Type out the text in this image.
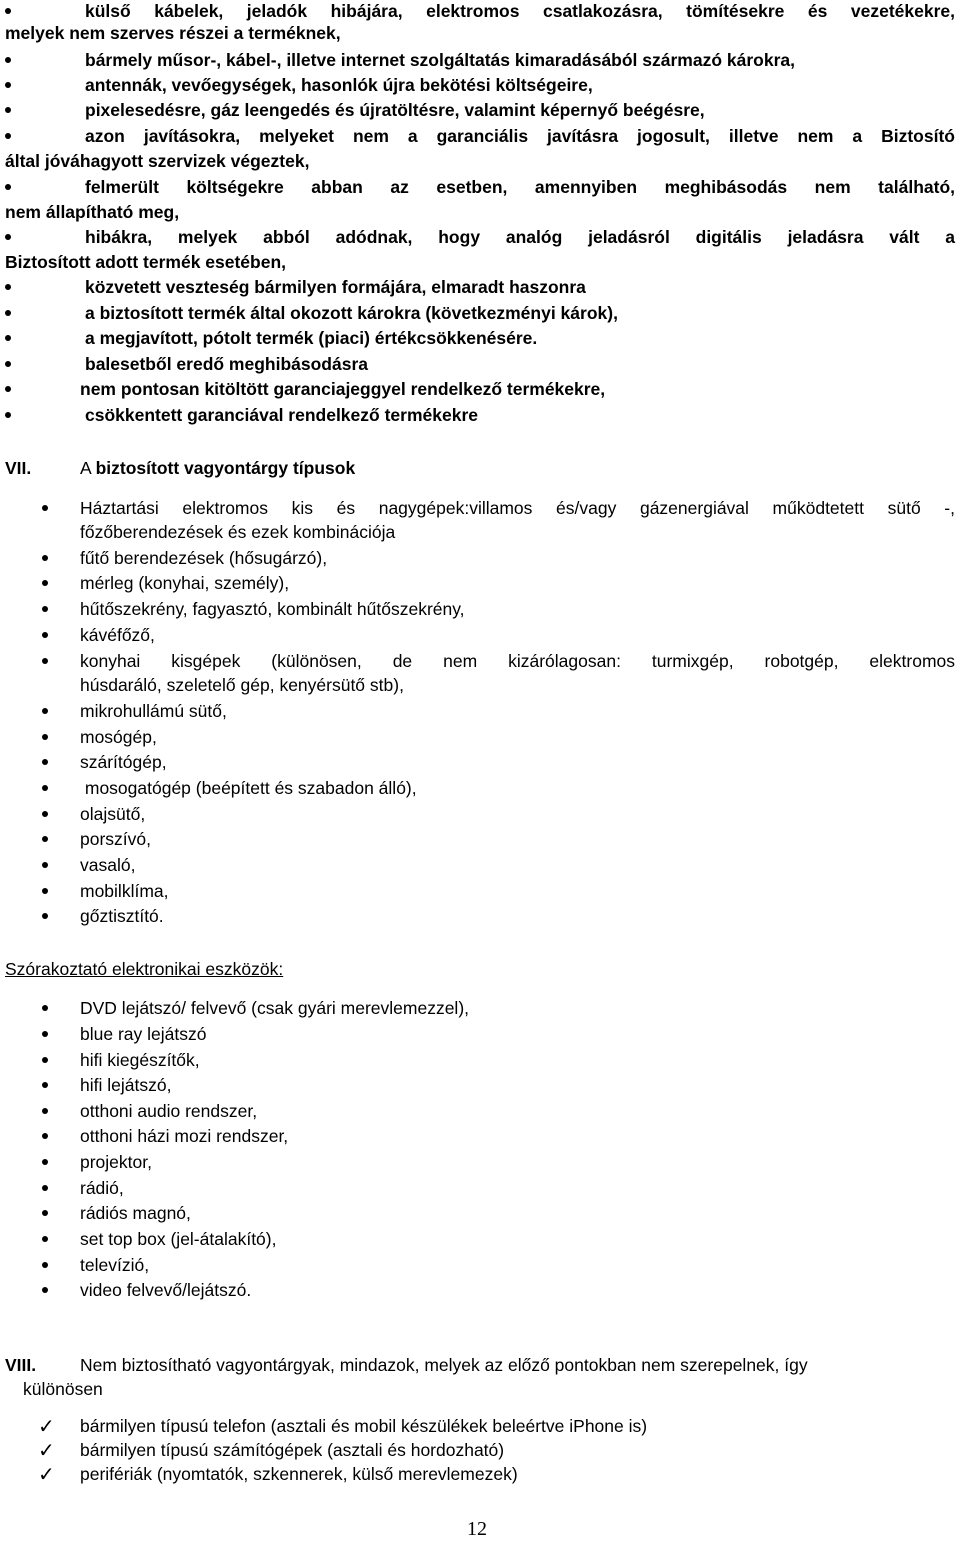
külső kábelek, jeladók hibájára, elektromos csatlakozásra, tömítésekre és vezetékekre,
melyek nem szerves részei a terméknek,
bármely műsor-, kábel-, illetve internet szolgáltatás kimaradásából származó károkra,
antennák, vevőegységek, hasonlók újra bekötési költségeire,
pixelesedésre, gáz leengedés és újratöltésre, valamint képernyő beégésre,
azon javításokra, melyeket nem a garanciális javításra jogosult, illetve nem a Biztosító
által jóváhagyott szervizek végeztek,
felmerült költségekre abban az esetben, amennyiben meghibásodás nem található,
nem állapítható meg,
hibákra, melyek abból adódnak, hogy analóg jeladásról digitális jeladásra vált a
Biztosított adott termék esetében,
közvetett veszteség bármilyen formájára, elmaradt haszonra
a biztosított termék által okozott károkra (következményi károk),
a megjavított, pótolt termék (piaci) értékcsökkenésére.
balesetből eredő meghibásodásra
nem pontosan kitöltött garanciajeggyel rendelkező termékekre,
csökkentett garanciával rendelkező termékekre
VII.	A biztosított vagyontárgy típusok
Háztartási elektromos kis és nagygépek:villamos és/vagy gázenergiával működtetett sütő -,
főzőberendezések és ezek kombinációja
fűtő berendezések (hősugárzó),
mérleg (konyhai, személy),
hűtőszekrény, fagyasztó, kombinált hűtőszekrény,
kávéfőző,
konyhai kisgépek (különösen, de nem kizárólagosan: turmixgép, robotgép, elektromos
húsdaráló, szeletelő gép, kenyérsütő stb),
mikrohullámú sütő,
mosógép,
szárítógép,
mosogatógép (beépített és szabadon álló),
olajsütő,
porszívó,
vasaló,
mobilklíma,
gőztisztító.
Szórakoztató elektronikai eszközök:
DVD lejátszó/ felvevő (csak gyári merevlemezzel),
blue ray lejátszó
hifi kiegészítők,
hifi lejátszó,
otthoni audio rendszer,
otthoni házi mozi rendszer,
projektor,
rádió,
rádiós magnó,
set top box (jel-átalakító),
televízió,
video felvevő/lejátszó.
VIII.	Nem biztosítható vagyontárgyak, mindazok, melyek az előző pontokban nem szerepelnek, így
különösen
✓ bármilyen típusú telefon (asztali és mobil készülékek beleértve iPhone is)
✓ bármilyen típusú számítógépek (asztali és hordozható)
✓ perifériák (nyomtatók, szkennerek, külső merevlemezek)
12
